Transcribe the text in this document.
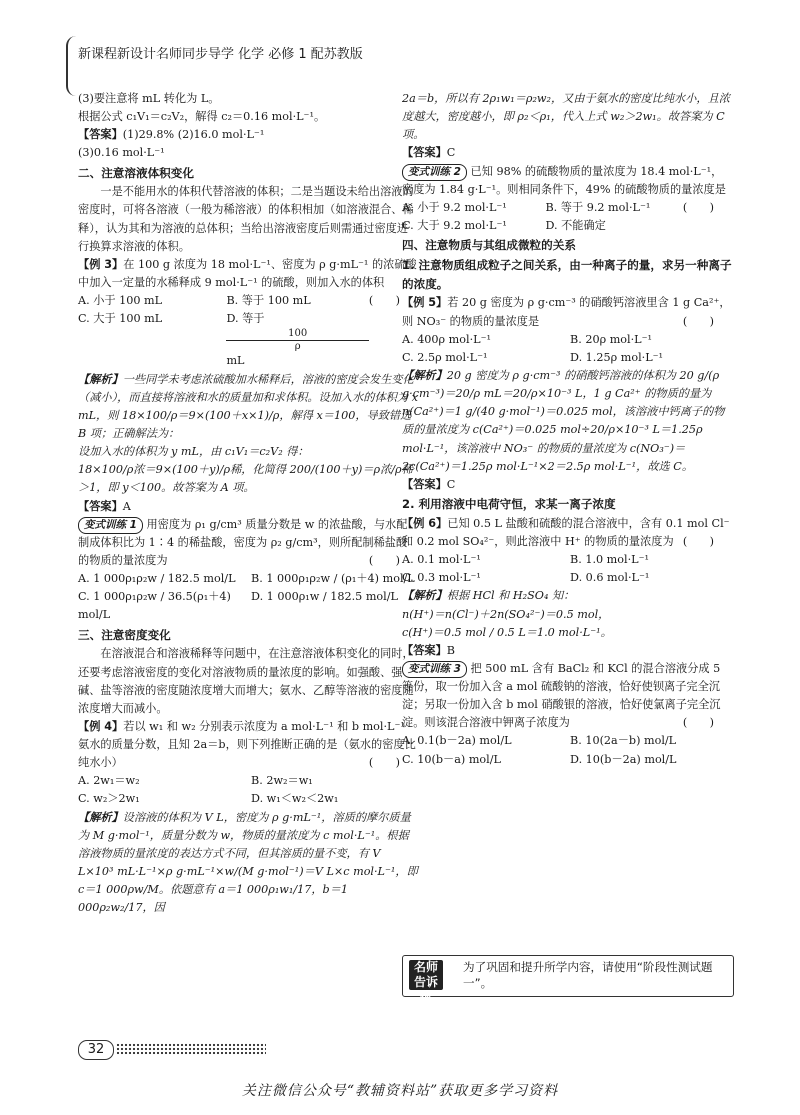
新课程新设计名师同步导学 化学 必修 1 配苏教版

(3)要注意将 mL 转化为 L。

根据公式 c₁V₁＝c₂V₂，解得 c₂＝0.16 mol·L⁻¹。

【答案】(1)29.8% (2)16.0 mol·L⁻¹

(3)0.16 mol·L⁻¹

二、注意溶液体积变化

一是不能用水的体积代替溶液的体积；二是当题设未给出溶液的密度时，可将各溶液（一般为稀溶液）的体积相加（如溶液混合、稀释），认为其和为溶液的总体积；当给出溶液密度后则需通过密度进行换算求溶液的体积。

【例 3】在 100 g 浓度为 18 mol·L⁻¹、密度为 ρ g·mL⁻¹ 的浓硫酸中加入一定量的水稀释成 9 mol·L⁻¹ 的硫酸，则加入水的体积
(　　)

A. 小于 100 mL	B. 等于 100 mL
C. 大于 100 mL	D. 等于
100
ρ
mL

【解析】一些同学未考虑浓硫酸加水稀释后，溶液的密度会发生变化（减小），而直接将溶液和水的质量加和求体积。设加入水的体积为 x mL，则 18×100/ρ＝9×(100＋x×1)/ρ，解得 x＝100，导致错选 B 项；正确解法为：

设加入水的体积为 y mL，由 c₁V₁＝c₂V₂ 得：

18×100/ρ浓＝9×(100＋y)/ρ稀，化简得 200/(100＋y)＝ρ浓/ρ稀＞1，即 y＜100。故答案为 A 项。

【答案】A

变式训练 1 用密度为 ρ₁ g/cm³ 质量分数是 w 的浓盐酸，与水配制成体积比为 1∶4 的稀盐酸，密度为 ρ₂ g/cm³，则所配制稀盐酸的物质的量浓度为	(　　)

A. 1 000ρ₁ρ₂w / 182.5 mol/L	B. 1 000ρ₁ρ₂w / (ρ₁＋4) mol/L
C. 1 000ρ₁ρ₂w / 36.5(ρ₁＋4) mol/L
D. 1 000ρ₁w / 182.5 mol/L

三、注意密度变化

在溶液混合和溶液稀释等问题中，在注意溶液体积变化的同时，还要考虑溶液密度的变化对溶液物质的量浓度的影响。如强酸、强碱、盐等溶液的密度随浓度增大而增大；氨水、乙醇等溶液的密度随浓度增大而减小。

【例 4】若以 w₁ 和 w₂ 分别表示浓度为 a mol·L⁻¹ 和 b mol·L⁻¹ 氨水的质量分数，且知 2a＝b，则下列推断正确的是（氨水的密度比纯水小）	(　　)

A. 2w₁＝w₂	B. 2w₂＝w₁
C. w₂＞2w₁	D. w₁＜w₂＜2w₁

【解析】设溶液的体积为 V L，密度为 ρ g·mL⁻¹，溶质的摩尔质量为 M g·mol⁻¹，质量分数为 w，物质的量浓度为 c mol·L⁻¹。根据溶液物质的量浓度的表达方式不同，但其溶质的量不变，有 V L×10³ mL·L⁻¹×ρ g·mL⁻¹×w/(M g·mol⁻¹)＝V L×c mol·L⁻¹，即 c＝1 000ρw/M。依题意有 a＝1 000ρ₁w₁/17，b＝1 000ρ₂w₂/17，因

2a＝b，所以有 2ρ₁w₁＝ρ₂w₂，又由于氨水的密度比纯水小，且浓度越大，密度越小，即 ρ₂＜ρ₁，代入上式 w₂＞2w₁。故答案为 C 项。

【答案】C

变式训练 2 已知 98% 的硫酸物质的量浓度为 18.4 mol·L⁻¹，密度为 1.84 g·L⁻¹。则相同条件下，49% 的硫酸物质的量浓度是
(　　)

A. 小于 9.2 mol·L⁻¹	B. 等于 9.2 mol·L⁻¹
C. 大于 9.2 mol·L⁻¹	D. 不能确定

四、注意物质与其组成微粒的关系

1. 注意物质组成粒子之间关系，由一种离子的量，求另一种离子的浓度。

【例 5】若 20 g 密度为 ρ g·cm⁻³ 的硝酸钙溶液里含 1 g Ca²⁺，则 NO₃⁻ 的物质的量浓度是	(　　)

A. 400ρ mol·L⁻¹	B. 20ρ mol·L⁻¹
C. 2.5ρ mol·L⁻¹	D. 1.25ρ mol·L⁻¹

【解析】20 g 密度为 ρ g·cm⁻³ 的硝酸钙溶液的体积为 20 g/(ρ g·cm⁻³)＝20/ρ mL＝20/ρ×10⁻³ L，1 g Ca²⁺ 的物质的量为 n(Ca²⁺)＝1 g/(40 g·mol⁻¹)＝0.025 mol，该溶液中钙离子的物质的量浓度为 c(Ca²⁺)＝0.025 mol÷20/ρ×10⁻³ L＝1.25ρ mol·L⁻¹，该溶液中 NO₃⁻ 的物质的量浓度为 c(NO₃⁻)＝2c(Ca²⁺)＝1.25ρ mol·L⁻¹×2＝2.5ρ mol·L⁻¹，故选 C。

【答案】C

2. 利用溶液中电荷守恒，求某一离子浓度

【例 6】已知 0.5 L 盐酸和硫酸的混合溶液中，含有 0.1 mol Cl⁻ 和 0.2 mol SO₄²⁻，则此溶液中 H⁺ 的物质的量浓度为 (　　)

A. 0.1 mol·L⁻¹	B. 1.0 mol·L⁻¹
C. 0.3 mol·L⁻¹	D. 0.6 mol·L⁻¹

【解析】根据 HCl 和 H₂SO₄ 知：

n(H⁺)＝n(Cl⁻)＋2n(SO₄²⁻)＝0.5 mol，

c(H⁺)＝0.5 mol / 0.5 L＝1.0 mol·L⁻¹。

【答案】B

变式训练 3 把 500 mL 含有 BaCl₂ 和 KCl 的混合溶液分成 5 等份，取一份加入含 a mol 硫酸钠的溶液，恰好使钡离子完全沉淀；另取一份加入含 b mol 硝酸银的溶液，恰好使氯离子完全沉淀。则该混合溶液中钾离子浓度为	(　　)

A. 0.1(b－2a) mol/L	B. 10(2a－b) mol/L
C. 10(b－a) mol/L	D. 10(b－2a) mol/L
名师告诉你
为了巩固和提升所学内容，请使用“阶段性测试题一”。
32
关注微信公众号“教辅资料站”获取更多学习资料
